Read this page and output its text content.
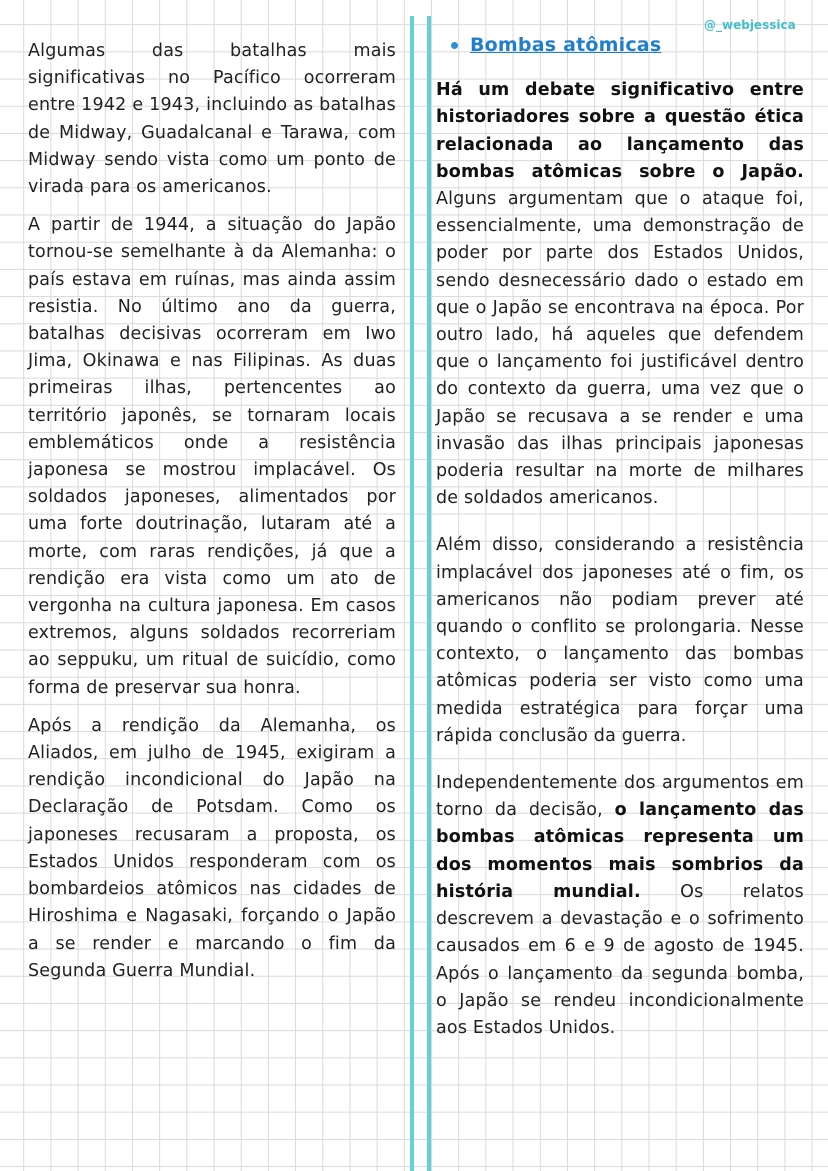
@_webjessica

Algumas das batalhas mais significativas no Pacífico ocorreram entre 1942 e 1943, incluindo as batalhas de Midway, Guadalcanal e Tarawa, com Midway sendo vista como um ponto de virada para os americanos.

A partir de 1944, a situação do Japão tornou-se semelhante à da Alemanha: o país estava em ruínas, mas ainda assim resistia. No último ano da guerra, batalhas decisivas ocorreram em Iwo Jima, Okinawa e nas Filipinas. As duas primeiras ilhas, pertencentes ao território japonês, se tornaram locais emblemáticos onde a resistência japonesa se mostrou implacável. Os soldados japoneses, alimentados por uma forte doutrinação, lutaram até a morte, com raras rendições, já que a rendição era vista como um ato de vergonha na cultura japonesa. Em casos extremos, alguns soldados recorreriam ao seppuku, um ritual de suicídio, como forma de preservar sua honra.

Após a rendição da Alemanha, os Aliados, em julho de 1945, exigiram a rendição incondicional do Japão na Declaração de Potsdam. Como os japoneses recusaram a proposta, os Estados Unidos responderam com os bombardeios atômicos nas cidades de Hiroshima e Nagasaki, forçando o Japão a se render e marcando o fim da Segunda Guerra Mundial.

Bombas atômicas

Há um debate significativo entre historiadores sobre a questão ética relacionada ao lançamento das bombas atômicas sobre o Japão. Alguns argumentam que o ataque foi, essencialmente, uma demonstração de poder por parte dos Estados Unidos, sendo desnecessário dado o estado em que o Japão se encontrava na época. Por outro lado, há aqueles que defendem que o lançamento foi justificável dentro do contexto da guerra, uma vez que o Japão se recusava a se render e uma invasão das ilhas principais japonesas poderia resultar na morte de milhares de soldados americanos.

Além disso, considerando a resistência implacável dos japoneses até o fim, os americanos não podiam prever até quando o conflito se prolongaria. Nesse contexto, o lançamento das bombas atômicas poderia ser visto como uma medida estratégica para forçar uma rápida conclusão da guerra.

Independentemente dos argumentos em torno da decisão, o lançamento das bombas atômicas representa um dos momentos mais sombrios da história mundial. Os relatos descrevem a devastação e o sofrimento causados em 6 e 9 de agosto de 1945. Após o lançamento da segunda bomba, o Japão se rendeu incondicionalmente aos Estados Unidos.
